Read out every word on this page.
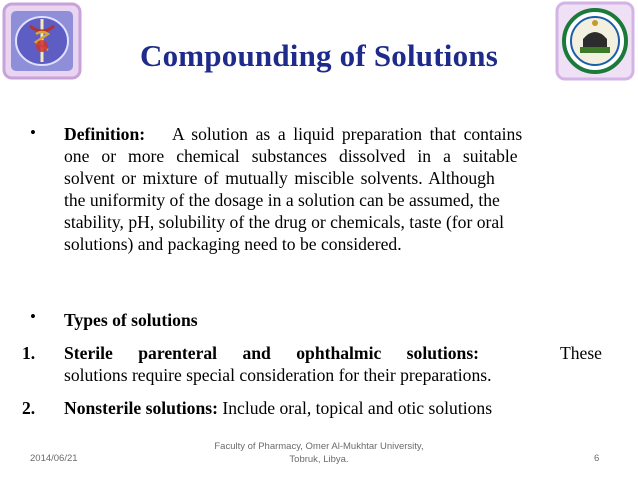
Compounding of Solutions
• Definition: A solution as a liquid preparation that contains
one or more chemical substances dissolved in a suitable
solvent or mixture of mutually miscible solvents. Although
the uniformity of the dosage in a solution can be assumed, the
stability, pH, solubility of the drug or chemicals, taste (for oral
solutions) and packaging need to be considered.
• Types of solutions
1. Sterile parenteral and ophthalmic solutions:	These
solutions require special consideration for their preparations.
2. Nonsterile solutions: Include oral, topical and otic solutions
2014/06/21
Faculty of Pharmacy, Omer Al-Mukhtar University,
Tobruk, Libya.	6
